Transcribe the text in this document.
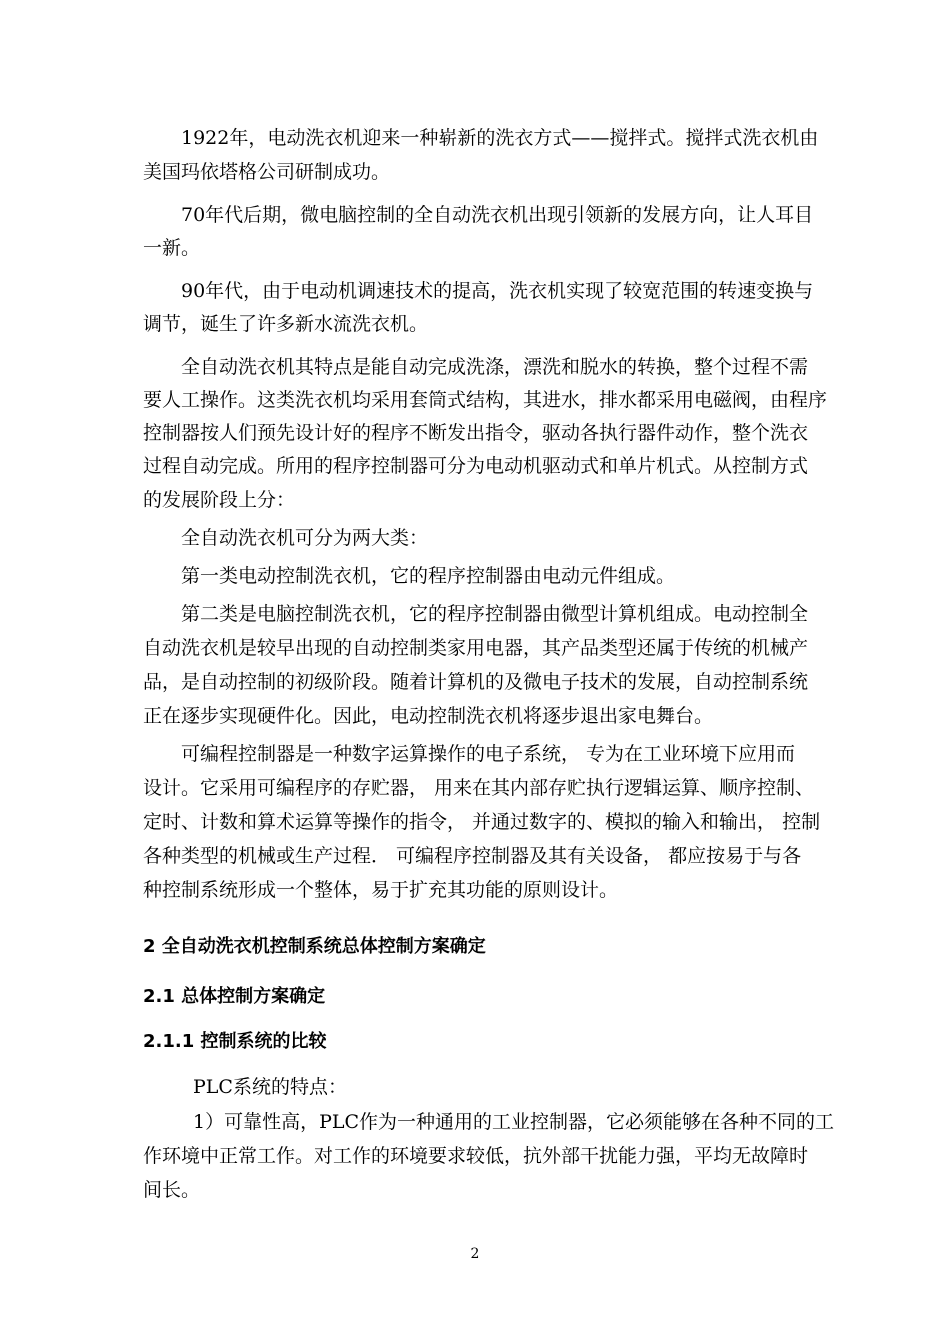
1922年，电动洗衣机迎来一种崭新的洗衣方式——搅拌式。搅拌式洗衣机由
美国玛依塔格公司研制成功。
70年代后期，微电脑控制的全自动洗衣机出现引领新的发展方向，让人耳目
一新。
90年代，由于电动机调速技术的提高，洗衣机实现了较宽范围的转速变换与
调节，诞生了许多新水流洗衣机。
全自动洗衣机其特点是能自动完成洗涤，漂洗和脱水的转换，整个过程不需
要人工操作。这类洗衣机均采用套筒式结构，其进水，排水都采用电磁阀，由程序
控制器按人们预先设计好的程序不断发出指令，驱动各执行器件动作，整个洗衣
过程自动完成。所用的程序控制器可分为电动机驱动式和单片机式。从控制方式
的发展阶段上分：
全自动洗衣机可分为两大类：
第一类电动控制洗衣机，它的程序控制器由电动元件组成。
第二类是电脑控制洗衣机，它的程序控制器由微型计算机组成。电动控制全
自动洗衣机是较早出现的自动控制类家用电器，其产品类型还属于传统的机械产
品，是自动控制的初级阶段。随着计算机的及微电子技术的发展，自动控制系统
正在逐步实现硬件化。因此，电动控制洗衣机将逐步退出家电舞台。
可编程控制器是一种数字运算操作的电子系统， 专为在工业环境下应用而
设计。它采用可编程序的存贮器， 用来在其内部存贮执行逻辑运算、顺序控制、
定时、计数和算术运算等操作的指令， 并通过数字的、模拟的输入和输出， 控制
各种类型的机械或生产过程． 可编程序控制器及其有关设备， 都应按易于与各
种控制系统形成一个整体，易于扩充其功能的原则设计。
2 全自动洗衣机控制系统总体控制方案确定
2.1 总体控制方案确定
2.1.1 控制系统的比较
PLC系统的特点：
1）可靠性高，PLC作为一种通用的工业控制器，它必须能够在各种不同的工
作环境中正常工作。对工作的环境要求较低，抗外部干扰能力强，平均无故障时
间长。
2
